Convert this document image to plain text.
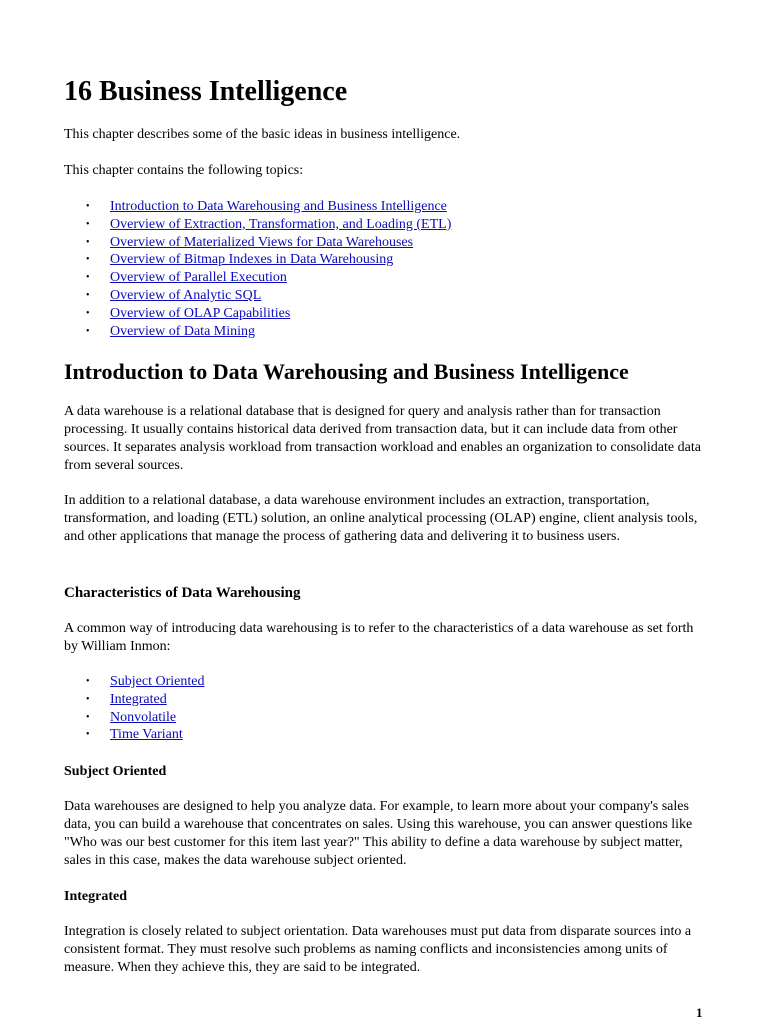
16 Business Intelligence

This chapter describes some of the basic ideas in business intelligence.

This chapter contains the following topics:

• Introduction to Data Warehousing and Business Intelligence
• Overview of Extraction, Transformation, and Loading (ETL)
• Overview of Materialized Views for Data Warehouses
• Overview of Bitmap Indexes in Data Warehousing
• Overview of Parallel Execution
• Overview of Analytic SQL
• Overview of OLAP Capabilities
• Overview of Data Mining
Introduction to Data Warehousing and Business Intelligence

A data warehouse is a relational database that is designed for query and analysis rather than for transaction processing. It usually contains historical data derived from transaction data, but it can include data from other sources. It separates analysis workload from transaction workload and enables an organization to consolidate data from several sources.

In addition to a relational database, a data warehouse environment includes an extraction, transportation, transformation, and loading (ETL) solution, an online analytical processing (OLAP) engine, client analysis tools, and other applications that manage the process of gathering data and delivering it to business users.

Characteristics of Data Warehousing

A common way of introducing data warehousing is to refer to the characteristics of a data warehouse as set forth by William Inmon:

• Subject Oriented
• Integrated
• Nonvolatile
• Time Variant
Subject Oriented

Data warehouses are designed to help you analyze data. For example, to learn more about your company's sales data, you can build a warehouse that concentrates on sales. Using this warehouse, you can answer questions like "Who was our best customer for this item last year?" This ability to define a data warehouse by subject matter, sales in this case, makes the data warehouse subject oriented.

Integrated

Integration is closely related to subject orientation. Data warehouses must put data from disparate sources into a consistent format. They must resolve such problems as naming conflicts and inconsistencies among units of measure. When they achieve this, they are said to be integrated.

1
